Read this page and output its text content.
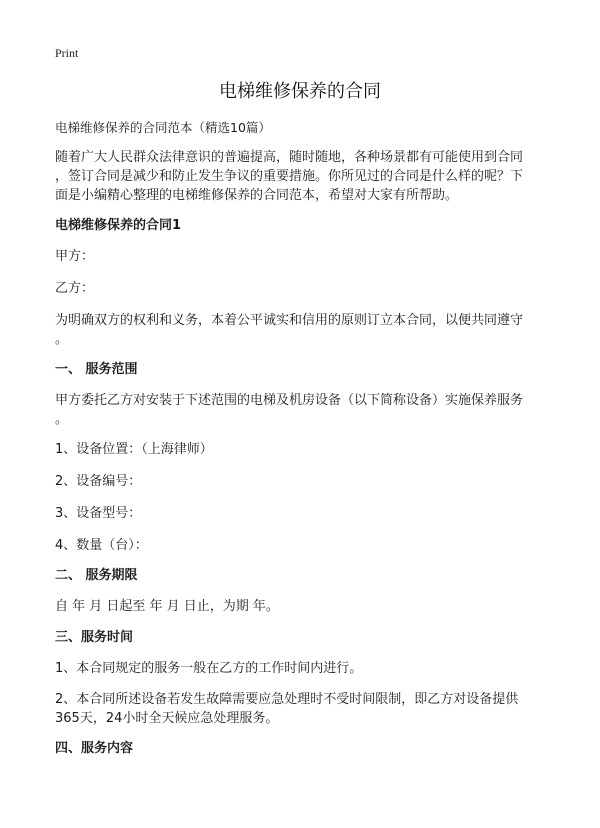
Print
电梯维修保养的合同
电梯维修保养的合同范本（精选10篇）
随着广大人民群众法律意识的普遍提高，随时随地，各种场景都有可能使用到合同
，签订合同是减少和防止发生争议的重要措施。你所见过的合同是什么样的呢？下
面是小编精心整理的电梯维修保养的合同范本，希望对大家有所帮助。
电梯维修保养的合同1
甲方：
乙方：
为明确双方的权利和义务，本着公平诚实和信用的原则订立本合同，以便共同遵守
。
一、 服务范围
甲方委托乙方对安装于下述范围的电梯及机房设备（以下简称设备）实施保养服务
。
1、设备位置：（上海律师）
2、设备编号：
3、设备型号：
4、数量（台）：
二、 服务期限
自 年 月 日起至 年 月 日止，为期 年。
三、服务时间
1、本合同规定的服务一般在乙方的工作时间内进行。
2、本合同所述设备若发生故障需要应急处理时不受时间限制，即乙方对设备提供
365天，24小时全天候应急处理服务。
四、服务内容
